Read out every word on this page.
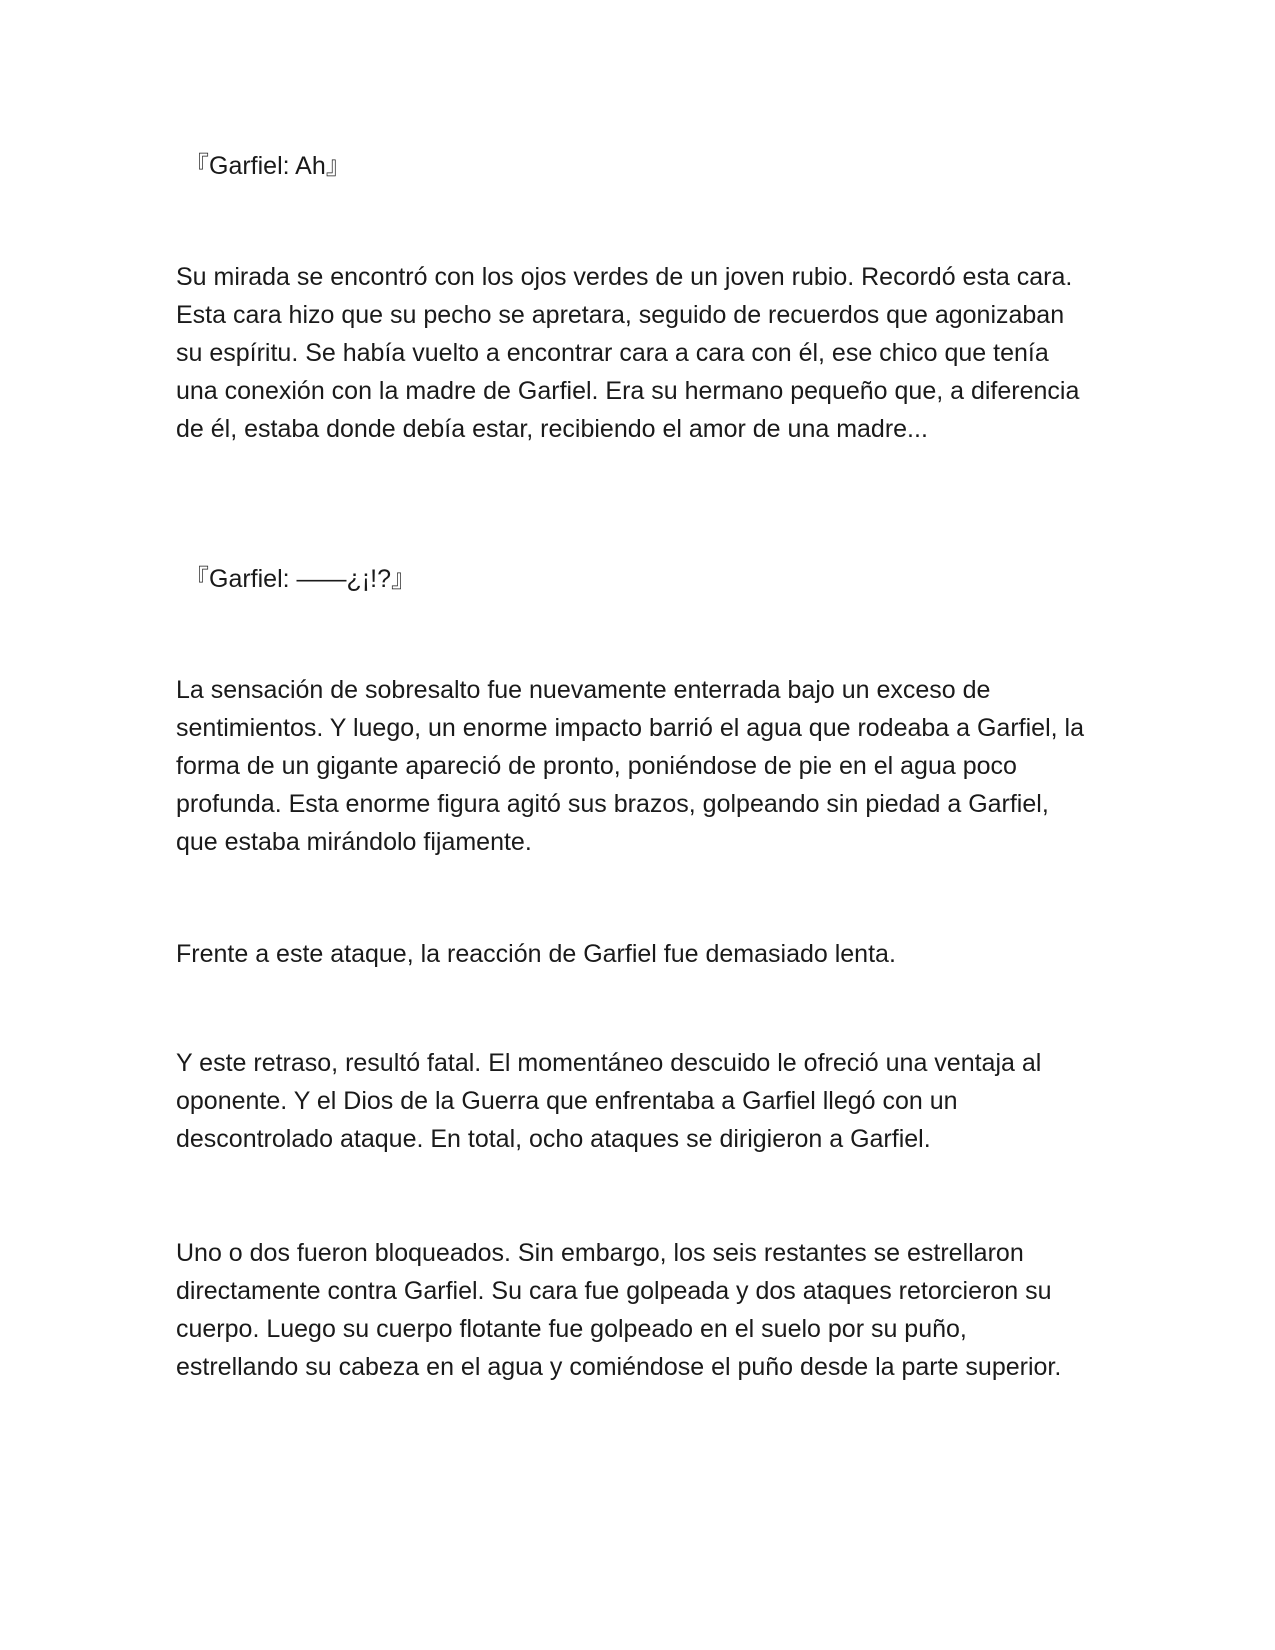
『Garfiel: Ah』

Su mirada se encontró con los ojos verdes de un joven rubio. Recordó esta cara. Esta cara hizo que su pecho se apretara, seguido de recuerdos que agonizaban su espíritu. Se había vuelto a encontrar cara a cara con él, ese chico que tenía una conexión con la madre de Garfiel. Era su hermano pequeño que, a diferencia de él, estaba donde debía estar, recibiendo el amor de una madre...

『Garfiel: ——¿¡!?』

La sensación de sobresalto fue nuevamente enterrada bajo un exceso de sentimientos. Y luego, un enorme impacto barrió el agua que rodeaba a Garfiel, la forma de un gigante apareció de pronto, poniéndose de pie en el agua poco profunda. Esta enorme figura agitó sus brazos, golpeando sin piedad a Garfiel, que estaba mirándolo fijamente.

Frente a este ataque, la reacción de Garfiel fue demasiado lenta.

Y este retraso, resultó fatal. El momentáneo descuido le ofreció una ventaja al oponente. Y el Dios de la Guerra que enfrentaba a Garfiel llegó con un descontrolado ataque. En total, ocho ataques se dirigieron a Garfiel.

Uno o dos fueron bloqueados. Sin embargo, los seis restantes se estrellaron directamente contra Garfiel. Su cara fue golpeada y dos ataques retorcieron su cuerpo. Luego su cuerpo flotante fue golpeado en el suelo por su puño, estrellando su cabeza en el agua y comiéndose el puño desde la parte superior.
